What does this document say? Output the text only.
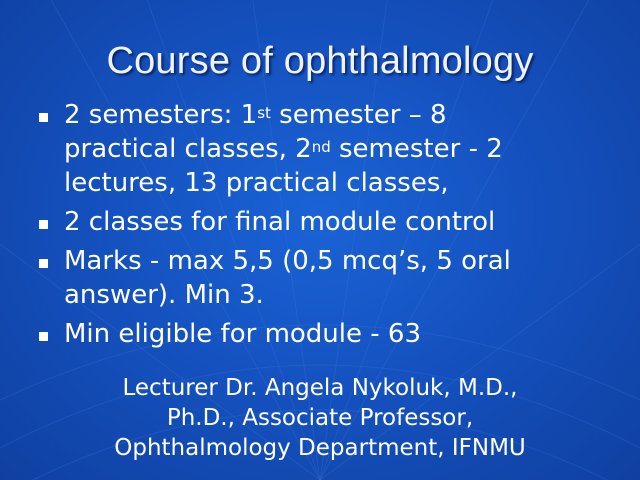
Course of ophthalmology
2 semesters: 1st semester – 8
practical classes, 2nd semester - 2
lectures, 13 practical classes,
2 classes for final module control
Marks - max 5,5 (0,5 mcq’s, 5 oral
answer). Min 3.
Min eligible for module - 63
Lecturer Dr. Angela Nykoluk, M.D.,
Ph.D., Associate Professor,
Ophthalmology Department, IFNMU
